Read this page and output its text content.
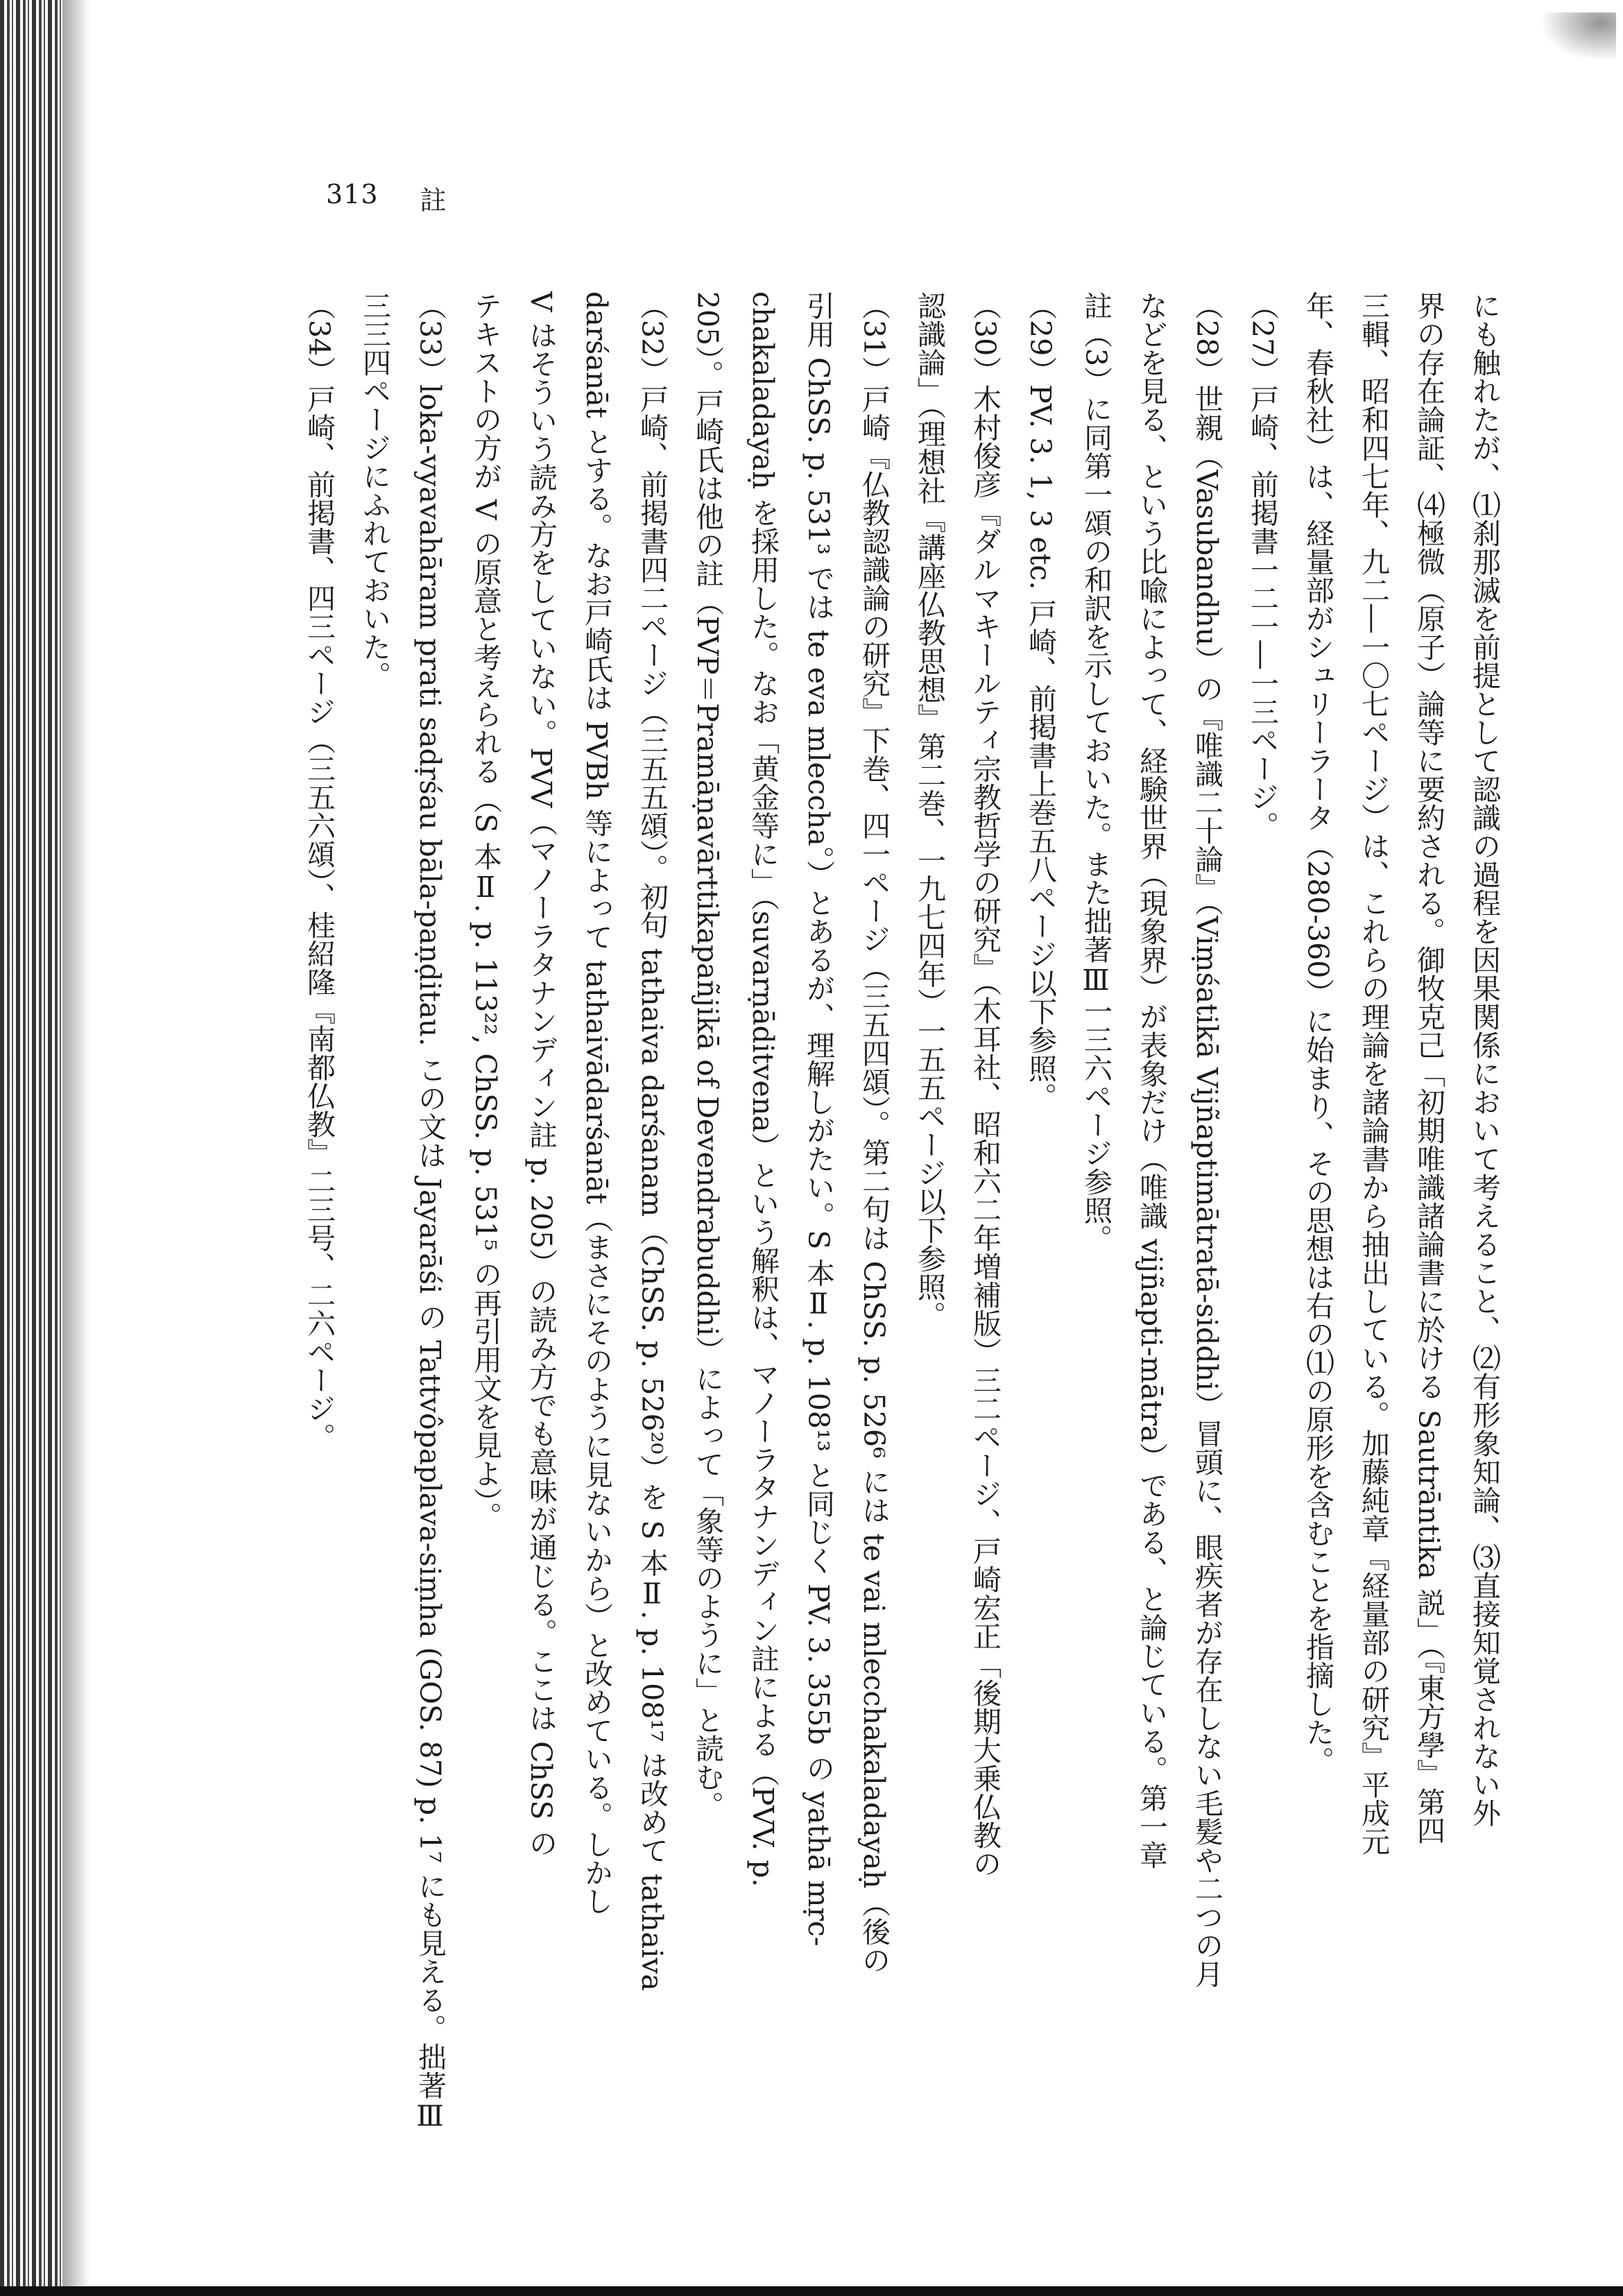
313 註
にも触れたが、⑴刹那滅を前提として認識の過程を因果関係において考えること、⑵有形象知論、⑶直接知覚されない外
界の存在論証、⑷極微（原子）論等に要約される。御牧克己「初期唯識諸論書に於ける Sautrāntika 説」（『東方學』第四
三輯、昭和四七年、九二―一〇七ページ）は、これらの理論を諸論書から抽出している。加藤純章『経量部の研究』平成元
年、春秋社）は、経量部がシュリーラータ（280-360）に始まり、その思想は右の⑴の原形を含むことを指摘した。
（27）戸崎、前掲書一二一―一三ページ。
（28）世親（Vasubandhu）の『唯識二十論』（Viṃśatikā Vijñaptimātratā-siddhi）冒頭に、眼疾者が存在しない毛髪や二つの月
などを見る、という比喩によって、経験世界（現象界）が表象だけ（唯識 vijñapti-mātra）である、と論じている。第一章
註（3）に同第一頌の和訳を示しておいた。また拙著Ⅲ一三六ページ参照。
（29）PV. 3. 1, 3 etc. 戸崎、前掲書上巻五八ページ以下参照。
（30）木村俊彦『ダルマキールティ宗教哲学の研究』（木耳社、昭和六二年増補版）三二ページ、戸崎宏正「後期大乗仏教の
認識論」（理想社『講座仏教思想』第二巻、一九七四年）一五五ページ以下参照。
（31）戸崎『仏教認識論の研究』下巻、四一ページ（三五四頌）。第二句は ChSS. p. 526⁶ には te vai mlecchakaladayaḥ（後の
引用 ChSS. p. 531³ では te eva mleccha。）とあるが、理解しがたい。S 本Ⅱ. p. 108¹³ と同じく PV. 3. 355b の yathā mṛc-
chakaladayaḥ を採用した。なお「黄金等に」（suvarṇāditvena）という解釈は、マノーラタナンディン註による（PVV. p.
205）。戸崎氏は他の註（PVP＝Pramāṇavārttikapañjikā of Devendrabuddhi）によって「象等のように」と読む。
（32）戸崎、前掲書四二ページ（三五五頌）。初句 tathaiva darśanam（ChSS. p. 526²⁰）を S 本Ⅱ. p. 108¹⁷ は改めて tathaiva
darśanāt とする。なお戸崎氏は PVBh 等によって tathaivādarśanāt（まさにそのように見ないから）と改めている。しかし
V はそういう読み方をしていない。PVV（マノーラタナンディン註 p. 205）の読み方でも意味が通じる。ここは ChSS の
テキストの方が V の原意と考えられる（S 本Ⅱ. p. 113²², ChSS. p. 531⁵ の再引用文を見よ）。
（33）loka-vyavahāram prati sadṛśau bāla-paṇḍitau. この文は Jayarāśi の Tattvôpaplava-siṃha (GOS. 87) p. 1⁷ にも見える。拙著Ⅲ
三三四ページにふれておいた。
（34）戸崎、前掲書、四三ページ（三五六頌）、桂紹隆『南都仏教』二三号、二六ページ。
